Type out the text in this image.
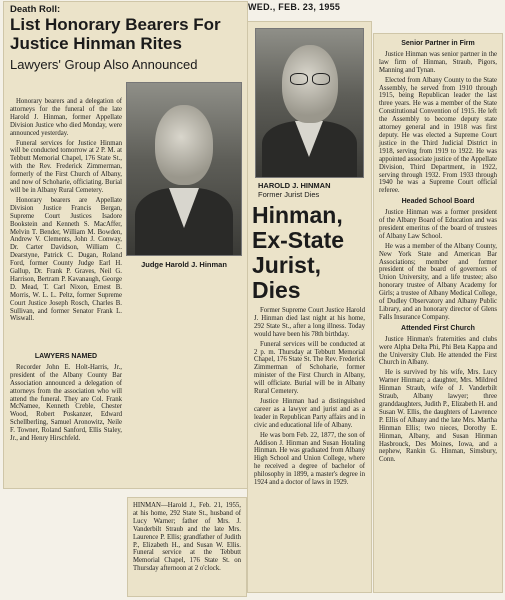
WED., FEB. 23, 1955
Death Roll:
List Honorary Bearers For Justice Hinman Rites
Lawyers' Group Also Announced

Honorary bearers and a delegation of attorneys for the funeral of the late Harold J. Hinman, former Appellate Division Justice who died Monday, were announced yesterday.

Funeral services for Justice Hinman will be conducted tomorrow at 2 P. M. at Tebbutt Memorial Chapel, 176 State St., with the Rev. Frederick Zimmerman, formerly of the First Church of Albany, and now of Schoharie, officiating. Burial will be in Albany Rural Cemetery.

Honorary bearers are Appellate Division Justice Francis Bergan, Supreme Court Justices Isadore Bookstein and Kenneth S. MacAffer, Melvin T. Bender, William M. Bowden, Andrew V. Clements, John J. Conway, Dr. Carter Davidson, William C. Dearstyne, Patrick C. Dugan, Roland Ford, former County Judge Earl H. Gallup, Dr. Frank P. Graves, Neil G. Harrison, Bertram P. Kavanaugh, George D. Mead, T. Carl Nixon, Ernest B. Morris, W. L. L. Peltz, former Supreme Court Justice Joseph Rosch, Charles B. Sullivan, and former Senator Frank L. Wiswall.

Judge Harold J. Hinman
LAWYERS NAMED

Recorder John E. Holt-Harris, Jr., president of the Albany County Bar Association announced a delegation of attorneys from the association who will attend the funeral. They are Col. Frank McNamee, Kenneth Creble, Chester Wood, Robert Poskanzer, Edward Schellberling, Samuel Aronowitz, Neile F. Towner, Roland Sanford, Ellis Staley, Jr., and Henry Hirschfeld.

HINMAN—Harold J., Feb. 21, 1955, at his home, 292 State St., husband of Lucy Warner; father of Mrs. J. Vanderbilt Straub and the late Mrs. Laurence P. Ellis; grandfather of Judith P., Elizabeth H., and Susan W. Ellis. Funeral service at the Tebbutt Memorial Chapel, 176 State St. on Thursday afternoon at 2 o'clock.
HAROLD J. HINMAN
Former Jurist Dies
Hinman, Ex-State Jurist, Dies

Former Supreme Court Justice Harold J. Hinman died last night at his home, 292 State St., after a long illness. Today would have been his 78th birthday.

Funeral services will be conducted at 2 p. m. Thursday at Tebbutt Memorial Chapel, 176 State St. The Rev. Frederick Zimmerman of Schoharie, former minister of the First Church in Albany, will officiate. Burial will be in Albany Rural Cemetery.

Justice Hinman had a distinguished career as a lawyer and jurist and as a leader in Republican Party affairs and in civic and educational life of Albany.

He was born Feb. 22, 1877, the son of Addison J. Hinman and Susan Hotaling Hinman. He was graduated from Albany High School and Union College, where he received a degree of bachelor of philosophy in 1899, a master's degree in 1924 and a doctor of laws in 1929.

Senior Partner in Firm

Justice Hinman was senior partner in the law firm of Hinman, Straub, Pigors, Manning and Tynan.

Elected from Albany County to the State Assembly, he served from 1910 through 1915, being Republican leader the last three years. He was a member of the State Constitutional Convention of 1915. He left the Assembly to become deputy state attorney general and in 1918 was first deputy. He was elected a Supreme Court justice in the Third Judicial District in 1918, serving from 1919 to 1922. He was appointed associate justice of the Appellate Division, Third Department, in 1922, serving through 1932. From 1933 through 1940 he was a Supreme Court official referee.

Headed School Board

Justice Hinman was a former president of the Albany Board of Education and was president emeritus of the board of trustees of Albany Law School.

He was a member of the Albany County, New York State and American Bar Associations; member and former president of the board of governors of Union University, and a life trustee; also honorary trustee of Albany Academy for Girls; a trustee of Albany Medical College, of Dudley Observatory and Albany Public Library, and an honorary director of Glens Falls Insurance Company.

Attended First Church

Justice Hinman's fraternities and clubs were Alpha Delta Phi, Phi Beta Kappa and the University Club. He attended the First Church in Albany.

He is survived by his wife, Mrs. Lucy Warner Hinman; a daughter, Mrs. Mildred Hinman Straub, wife of J. Vanderbilt Straub, Albany lawyer; three granddaughters, Judith P., Elizabeth H. and Susan W. Ellis, the daughters of Lawrence P. Ellis of Albany and the late Mrs. Martha Hinman Ellis; two nieces, Dorothy E. Hinman, Albany, and Susan Hinman Hasbrouck, Des Moines, Iowa, and a nephew, Rankin G. Hinman, Simsbury, Conn.
